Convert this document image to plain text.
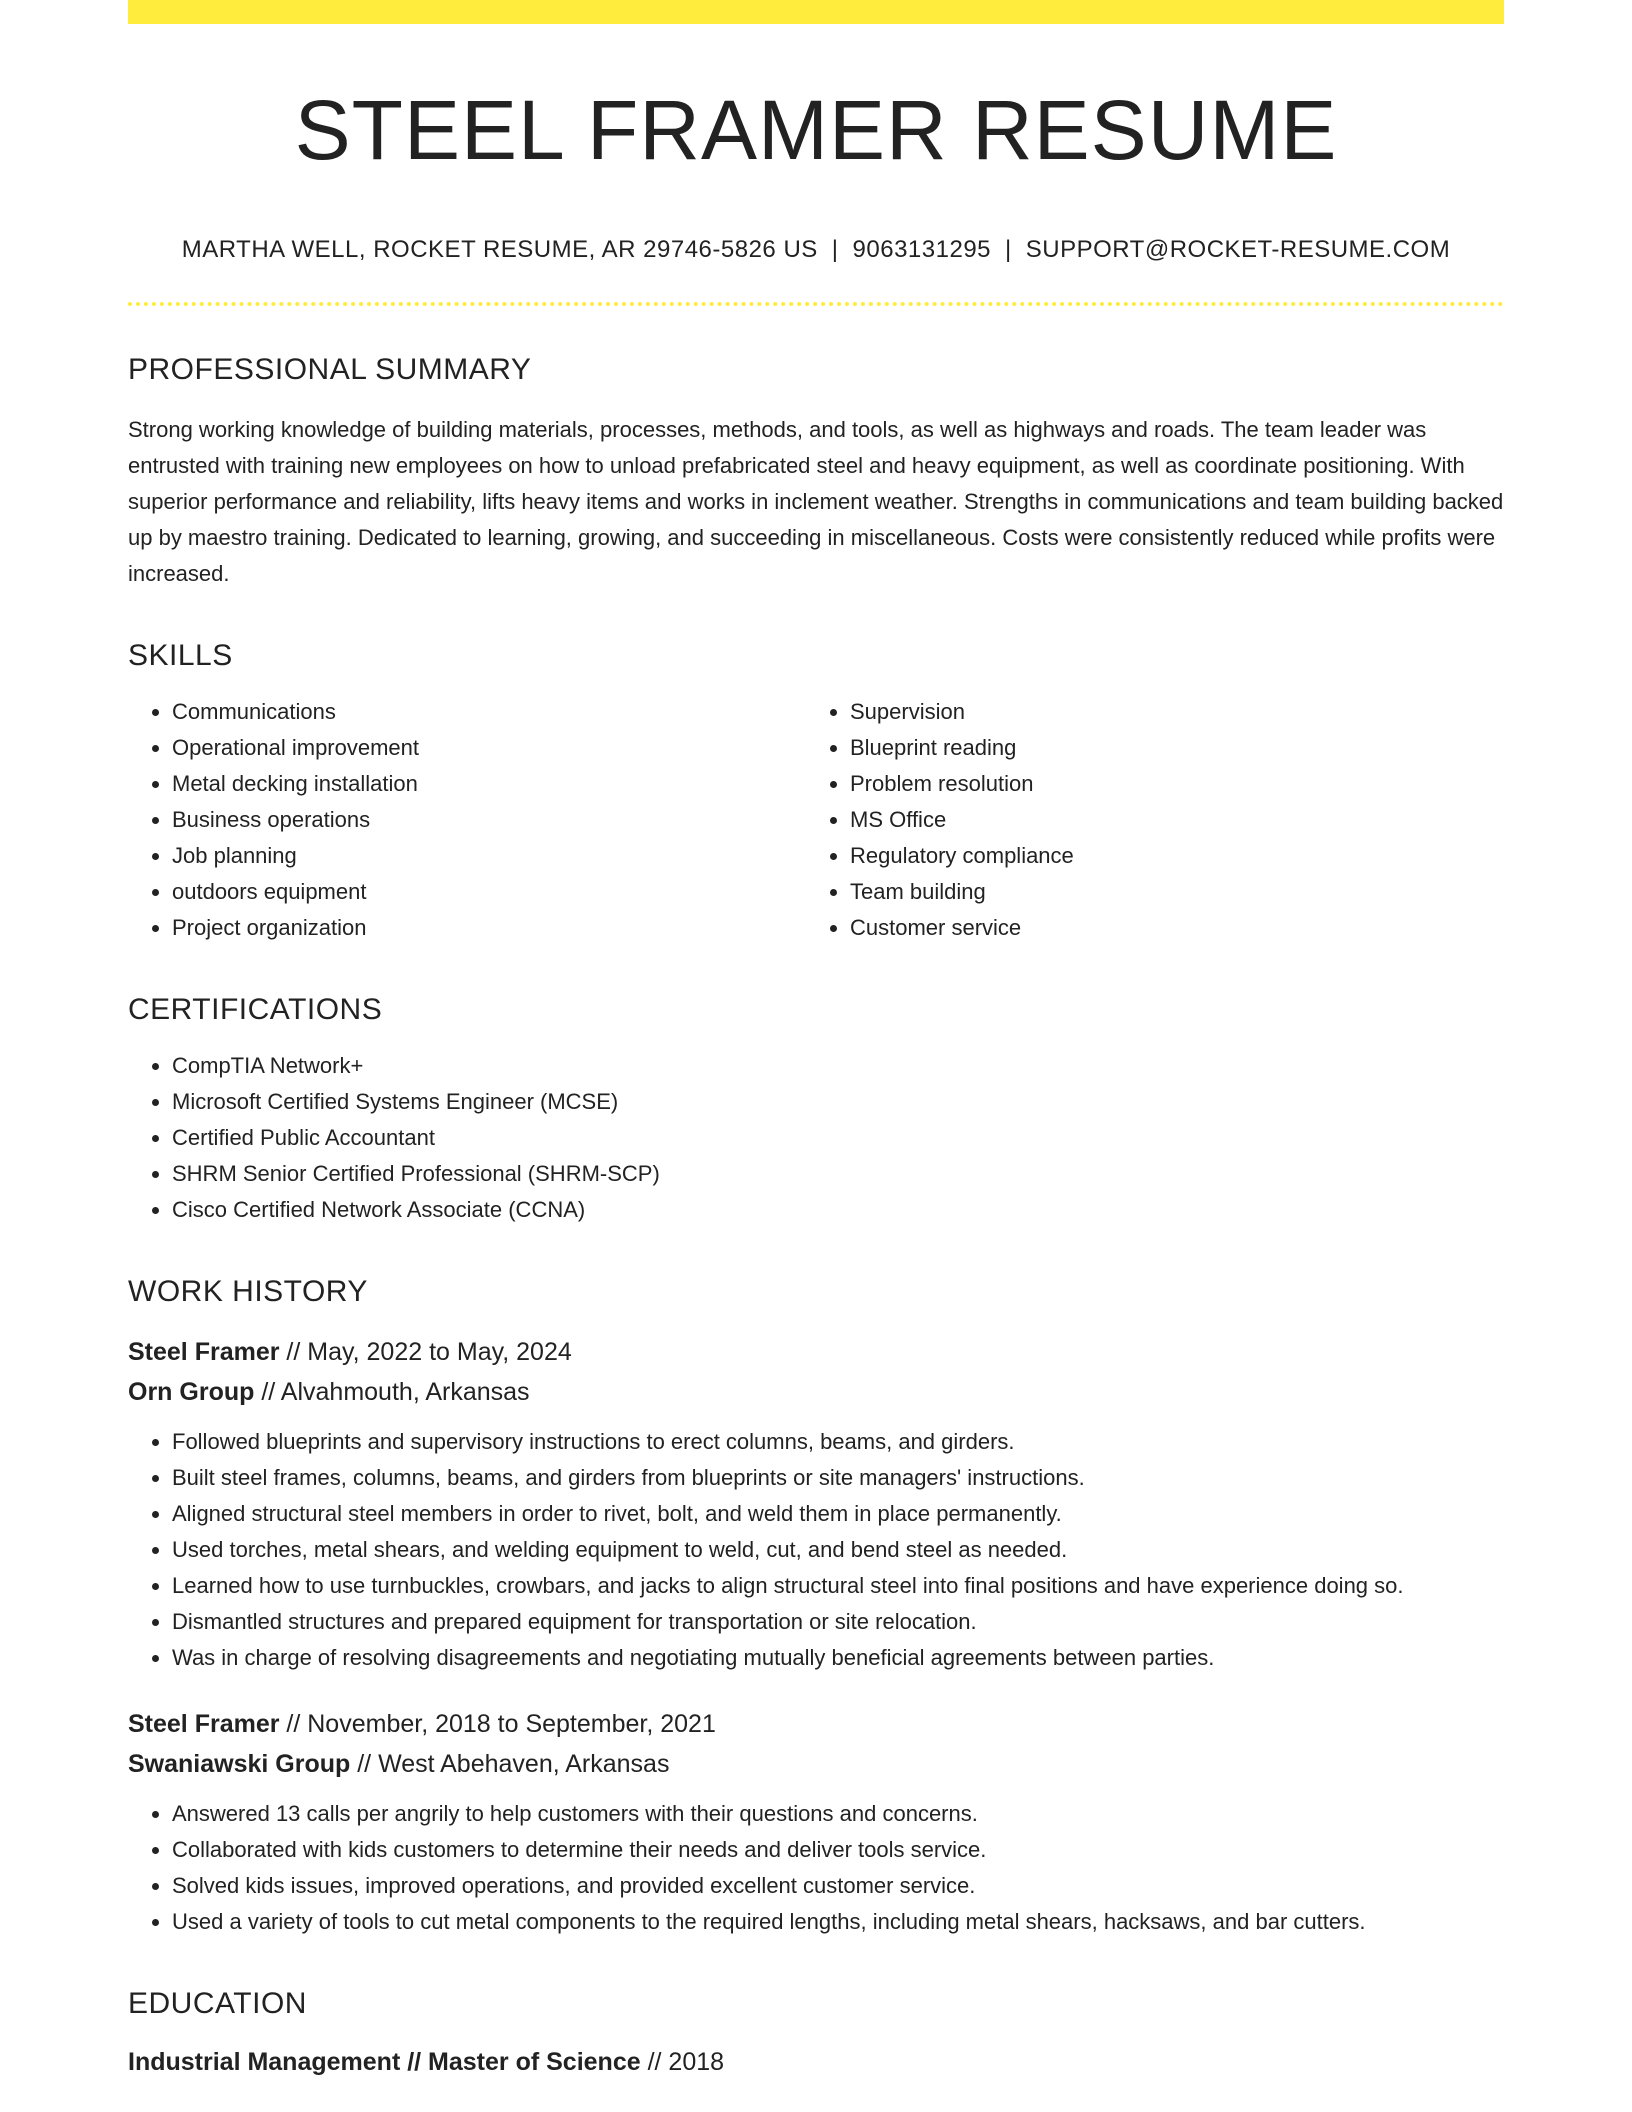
STEEL FRAMER RESUME
MARTHA WELL, ROCKET RESUME, AR 29746-5826 US | 9063131295 | SUPPORT@ROCKET-RESUME.COM
PROFESSIONAL SUMMARY

Strong working knowledge of building materials, processes, methods, and tools, as well as highways and roads. The team leader was entrusted with training new employees on how to unload prefabricated steel and heavy equipment, as well as coordinate positioning. With superior performance and reliability, lifts heavy items and works in inclement weather. Strengths in communications and team building backed up by maestro training. Dedicated to learning, growing, and succeeding in miscellaneous. Costs were consistently reduced while profits were increased.

SKILLS
• Communications
• Operational improvement
• Metal decking installation
• Business operations
• Job planning
• outdoors equipment
• Project organization
• Supervision
• Blueprint reading
• Problem resolution
• MS Office
• Regulatory compliance
• Team building
• Customer service
CERTIFICATIONS
• CompTIA Network+
• Microsoft Certified Systems Engineer (MCSE)
• Certified Public Accountant
• SHRM Senior Certified Professional (SHRM-SCP)
• Cisco Certified Network Associate (CCNA)
WORK HISTORY
Steel Framer // May, 2022 to May, 2024
Orn Group // Alvahmouth, Arkansas
• Followed blueprints and supervisory instructions to erect columns, beams, and girders.
• Built steel frames, columns, beams, and girders from blueprints or site managers' instructions.
• Aligned structural steel members in order to rivet, bolt, and weld them in place permanently.
• Used torches, metal shears, and welding equipment to weld, cut, and bend steel as needed.
• Learned how to use turnbuckles, crowbars, and jacks to align structural steel into final positions and have experience doing so.
• Dismantled structures and prepared equipment for transportation or site relocation.
• Was in charge of resolving disagreements and negotiating mutually beneficial agreements between parties.
Steel Framer // November, 2018 to September, 2021
Swaniawski Group // West Abehaven, Arkansas
• Answered 13 calls per angrily to help customers with their questions and concerns.
• Collaborated with kids customers to determine their needs and deliver tools service.
• Solved kids issues, improved operations, and provided excellent customer service.
• Used a variety of tools to cut metal components to the required lengths, including metal shears, hacksaws, and bar cutters.
EDUCATION
Industrial Management // Master of Science // 2018
